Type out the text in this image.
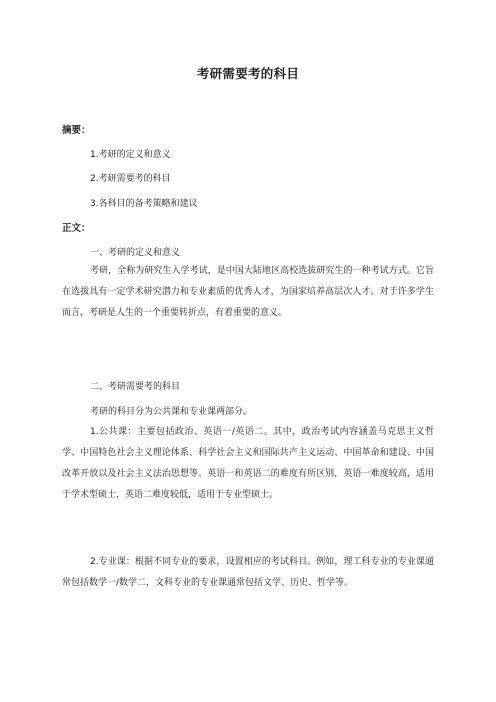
考研需要考的科目
摘要：
1.考研的定义和意义
2.考研需要考的科目
3.各科目的备考策略和建议
正文：
一、考研的定义和意义

考研，全称为研究生入学考试，是中国大陆地区高校选拔研究生的一种考试方式。它旨在选拔具有一定学术研究潜力和专业素质的优秀人才，为国家培养高层次人才。对于许多学生而言，考研是人生的一个重要转折点，有着重要的意义。

二、考研需要考的科目
考研的科目分为公共课和专业课两部分。

1.公共课：主要包括政治、英语一/英语二。其中，政治考试内容涵盖马克思主义哲学、中国特色社会主义理论体系、科学社会主义和国际共产主义运动、中国革命和建设、中国改革开放以及社会主义法治思想等。英语一和英语二的难度有所区别，英语一难度较高，适用于学术型硕士，英语二难度较低，适用于专业型硕士。

2.专业课：根据不同专业的要求，设置相应的考试科目。例如，理工科专业的专业课通常包括数学一/数学二，文科专业的专业课通常包括文学、历史、哲学等。
